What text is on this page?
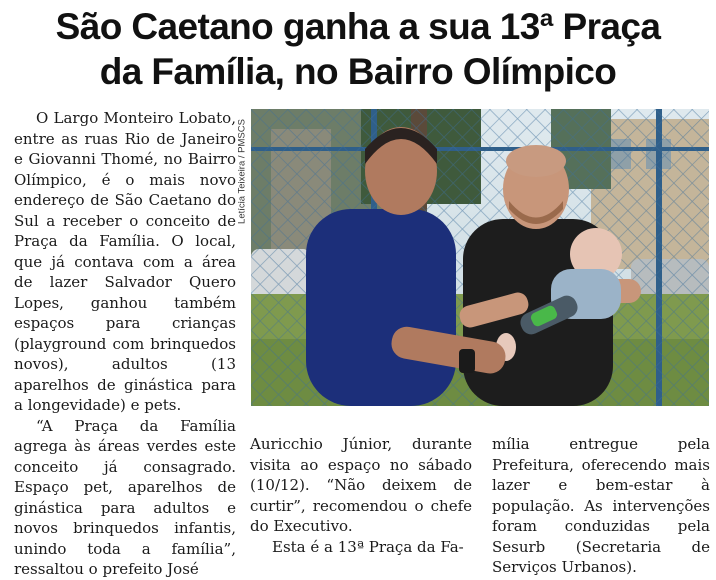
São Caetano ganha a sua 13ª Praça
da Família, no Bairro Olímpico

O Largo Monteiro Lobato, entre as ruas Rio de Janeiro e Giovanni Thomé, no Bairro Olímpico, é o mais novo endereço de São Caetano do Sul a receber o conceito de Praça da Família. O local, que já contava com a área de lazer Salvador Quero Lopes, ganhou também espaços para crianças (playground com brinquedos novos), adultos (13 aparelhos de ginástica para a longevidade) e pets.

“A Praça da Família agrega às áreas verdes este conceito já consagrado. Espaço pet, aparelhos de ginástica para adultos e novos brinquedos infantis, unindo toda a família”, ressaltou o prefeito José

Letícia Teixeira / PMSCS

Auricchio Júnior, durante visita ao espaço no sábado (10/12). “Não deixem de curtir”, recomendou o chefe do Executivo.

Esta é a 13ª Praça da Fa-

mília entregue pela Prefeitura, oferecendo mais lazer e bem-estar à população. As intervenções foram conduzidas pela Sesurb (Secretaria de Serviços Urbanos).
